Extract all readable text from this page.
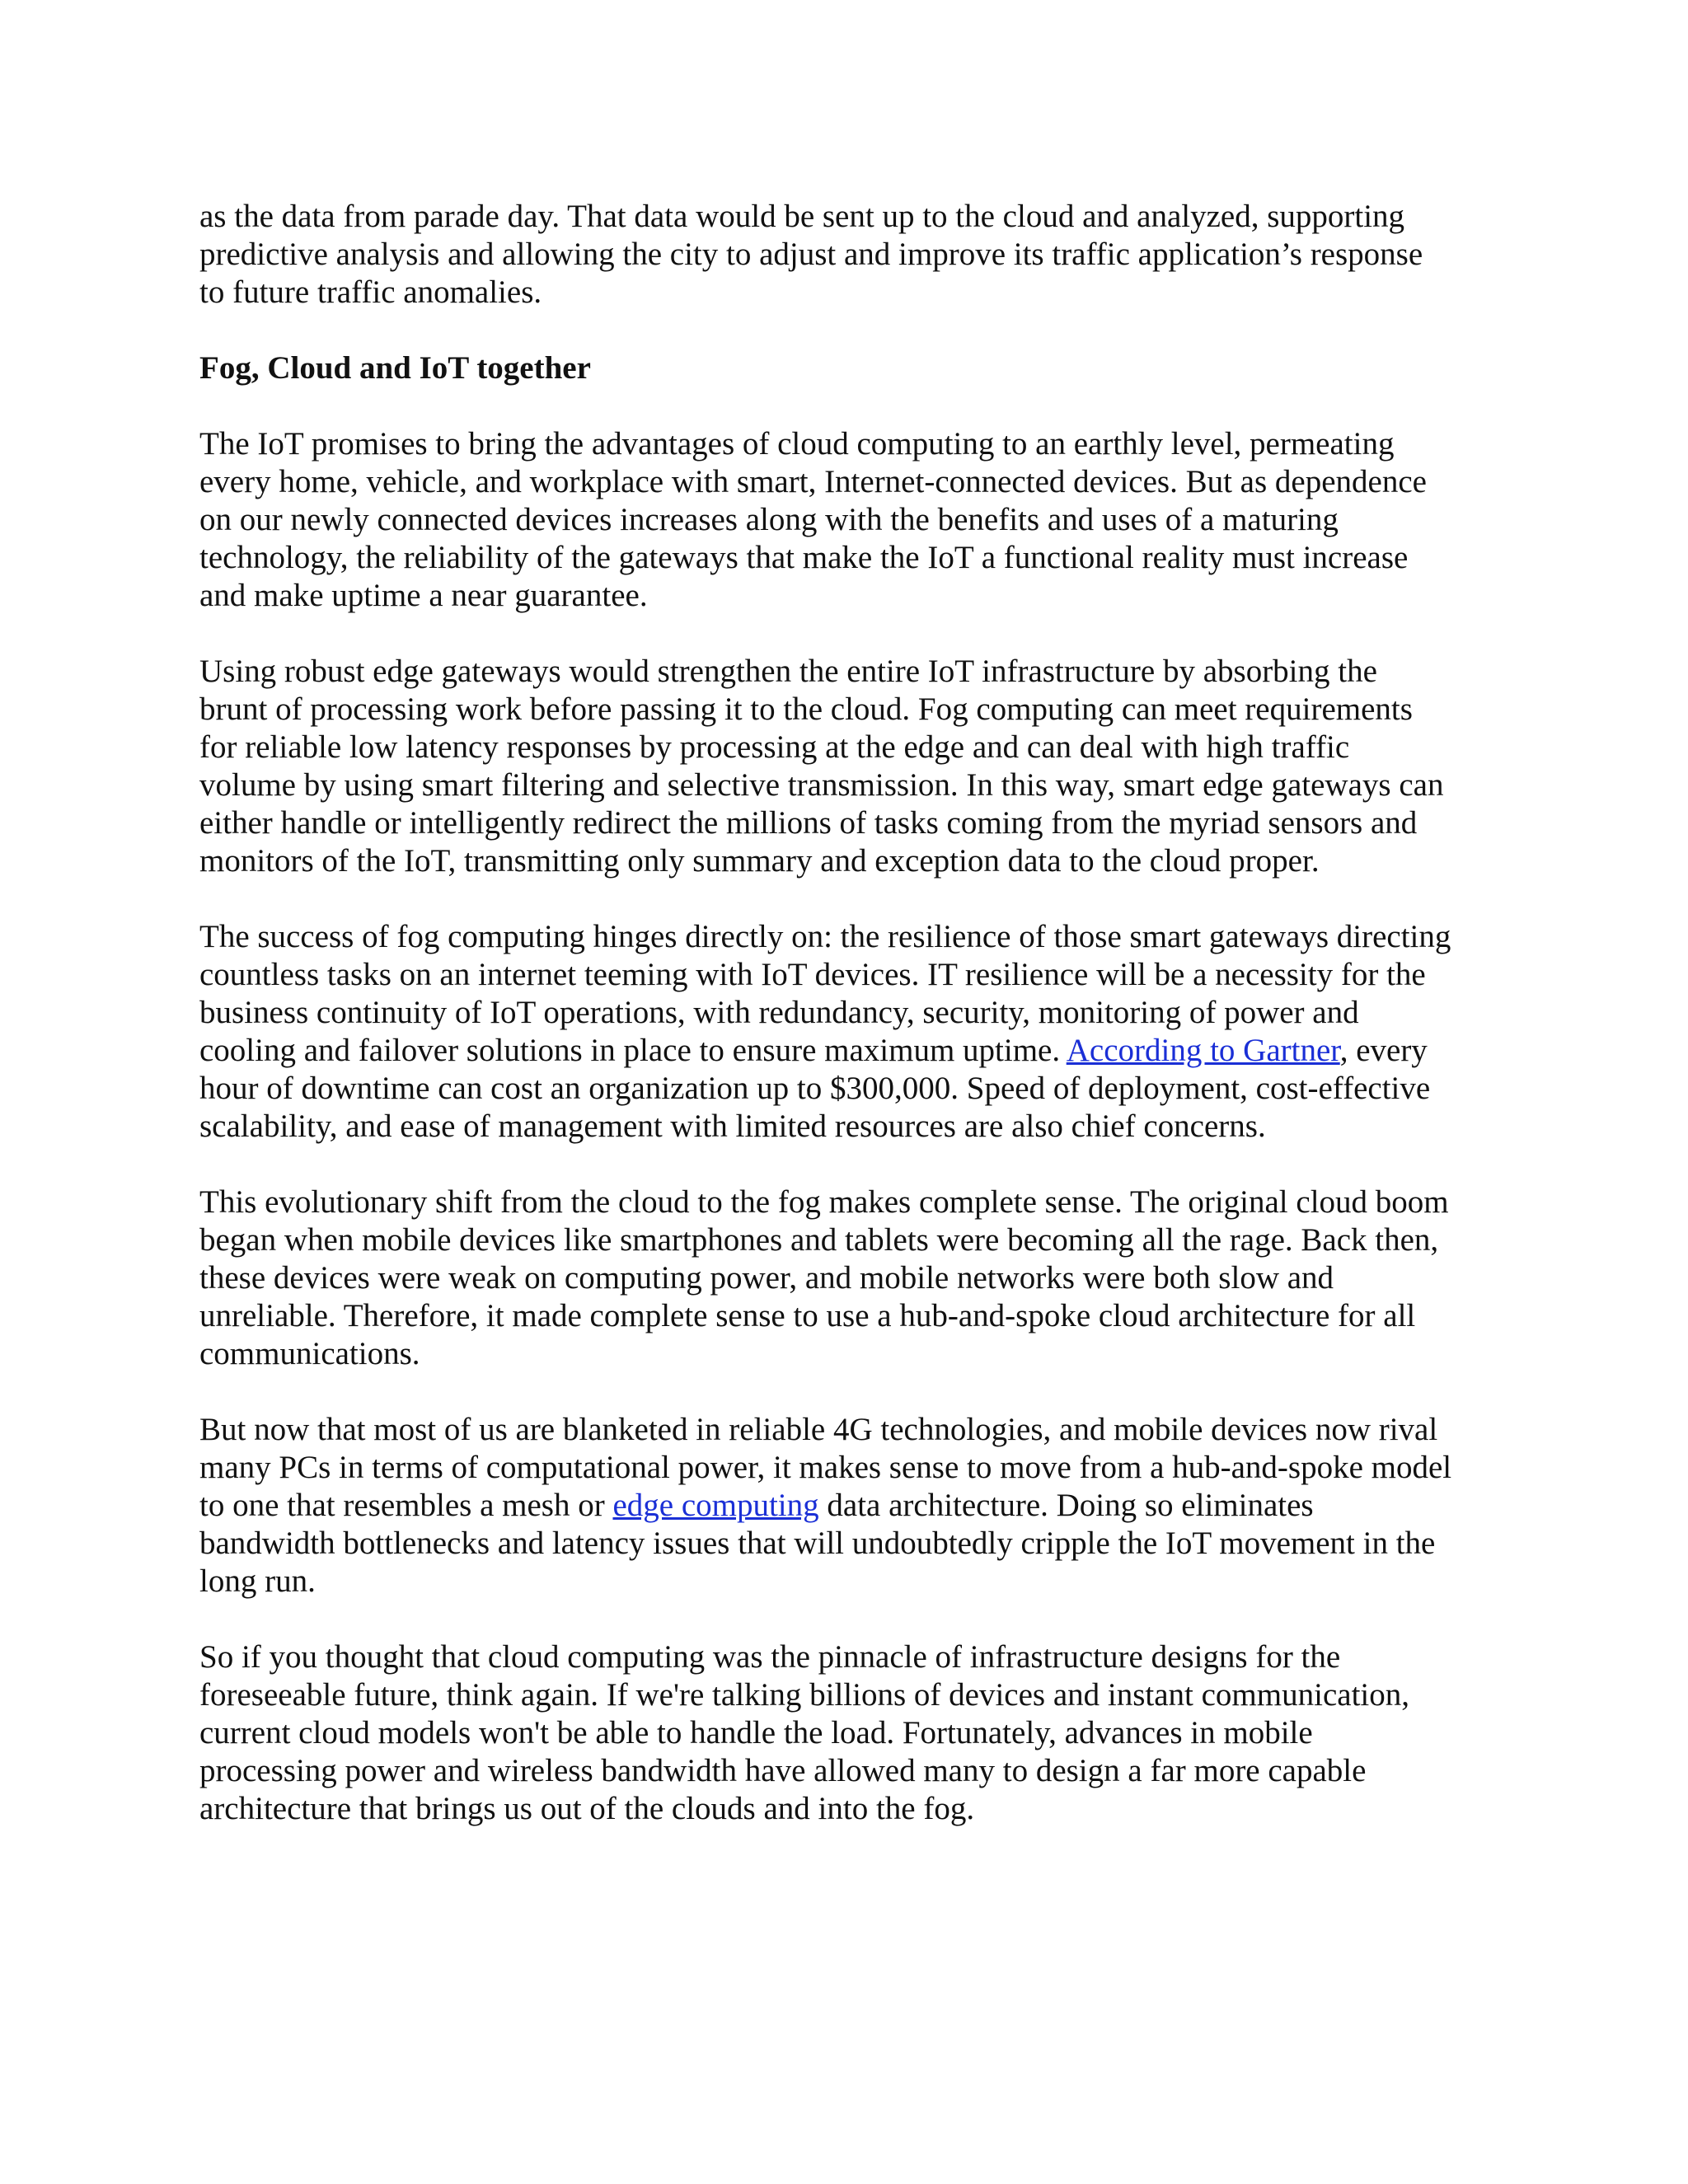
as the data from parade day. That data would be sent up to the cloud and analyzed, supporting
predictive analysis and allowing the city to adjust and improve its traffic application’s response
to future traffic anomalies.
Fog, Cloud and IoT together
The IoT promises to bring the advantages of cloud computing to an earthly level, permeating
every home, vehicle, and workplace with smart, Internet-connected devices. But as dependence
on our newly connected devices increases along with the benefits and uses of a maturing
technology, the reliability of the gateways that make the IoT a functional reality must increase
and make uptime a near guarantee.
Using robust edge gateways would strengthen the entire IoT infrastructure by absorbing the
brunt of processing work before passing it to the cloud. Fog computing can meet requirements
for reliable low latency responses by processing at the edge and can deal with high traffic
volume by using smart filtering and selective transmission. In this way, smart edge gateways can
either handle or intelligently redirect the millions of tasks coming from the myriad sensors and
monitors of the IoT, transmitting only summary and exception data to the cloud proper.
The success of fog computing hinges directly on: the resilience of those smart gateways directing
countless tasks on an internet teeming with IoT devices. IT resilience will be a necessity for the
business continuity of IoT operations, with redundancy, security, monitoring of power and
cooling and failover solutions in place to ensure maximum uptime. According to Gartner, every
hour of downtime can cost an organization up to $300,000. Speed of deployment, cost-effective
scalability, and ease of management with limited resources are also chief concerns.
This evolutionary shift from the cloud to the fog makes complete sense. The original cloud boom
began when mobile devices like smartphones and tablets were becoming all the rage. Back then,
these devices were weak on computing power, and mobile networks were both slow and
unreliable. Therefore, it made complete sense to use a hub-and-spoke cloud architecture for all
communications.
But now that most of us are blanketed in reliable 4G technologies, and mobile devices now rival
many PCs in terms of computational power, it makes sense to move from a hub-and-spoke model
to one that resembles a mesh or edge computing data architecture. Doing so eliminates
bandwidth bottlenecks and latency issues that will undoubtedly cripple the IoT movement in the
long run.
So if you thought that cloud computing was the pinnacle of infrastructure designs for the
foreseeable future, think again. If we're talking billions of devices and instant communication,
current cloud models won't be able to handle the load. Fortunately, advances in mobile
processing power and wireless bandwidth have allowed many to design a far more capable
architecture that brings us out of the clouds and into the fog.
